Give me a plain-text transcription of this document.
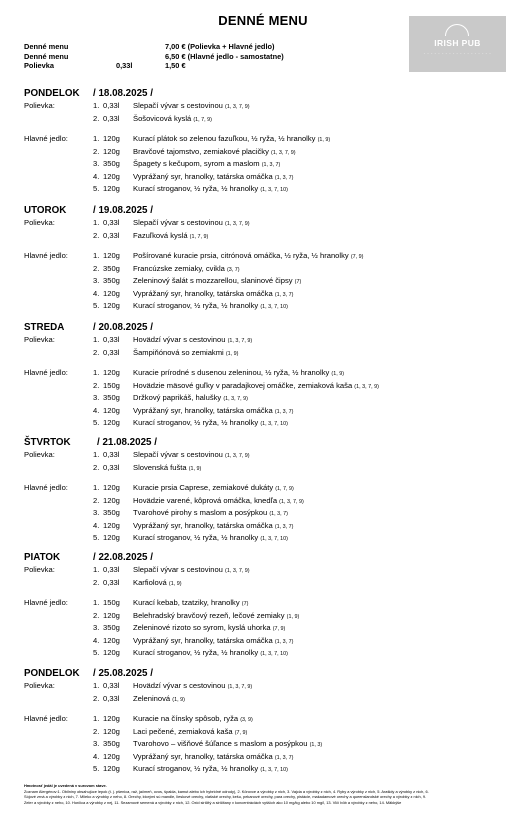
DENNÉ MENU
IRISH PUB
- - - - - - - - - - - - - - - - - - -
Denné menu	7,00 € (Polievka + Hlavné jedlo)
Denné menu	6,50 € (Hlavné jedlo - samostatne)
Polievka	0,33l	1,50 €
PONDELOK / 18.08.2025 /
Polievka:	1. 0,33l Slepačí vývar s cestovinou (1, 3, 7, 9)
2. 0,33l Šošovicová kyslá (1, 7, 9)
Hlavné jedlo:	1. 120g Kurací plátok so zelenou fazuľkou, ½ ryža, ½ hranolky (1, 9)
2. 120g Bravčové tajomstvo, zemiakové placičky (1, 3, 7, 9)
3. 350g Špagety s kečupom, syrom a maslom (1, 3, 7)
4. 120g Vyprážaný syr, hranolky, tatárska omáčka (1, 3, 7)
5. 120g Kurací stroganov, ½ ryža, ½ hranolky (1, 3, 7, 10)
UTOROK	/ 19.08.2025 /
Polievka:	1. 0,33l Slepačí vývar s cestovinou (1, 3, 7, 9)
2. 0,33l Fazuľková kyslá (1, 7, 9)
Hlavné jedlo:	1. 120g Pošírované kuracie prsia, citrónová omáčka, ½ ryža, ½ hranolky (7, 9)
2. 350g Francúzske zemiaky, cvikla (3, 7)
3. 350g Zeleninový šalát s mozzarellou, slaninové čipsy (7)
4. 120g Vyprážaný syr, hranolky, tatárska omáčka (1, 3, 7)
5. 120g Kurací stroganov, ½ ryža, ½ hranolky (1, 3, 7, 10)
STREDA	/ 20.08.2025 /
Polievka:	1. 0,33l Hovädzí vývar s cestovinou (1, 3, 7, 9)
2. 0,33l Šampiňónová so zemiakmi (1, 9)
Hlavné jedlo:	1. 120g Kuracie prírodné s dusenou zeleninou, ½ ryža, ½ hranolky (1, 9)
2. 150g Hovädzie mäsové guľky v paradajkovej omáčke, zemiaková kaša (1, 3, 7, 9)
3. 350g Držkový paprikáš, halušky (1, 3, 7, 9)
4. 120g Vyprážaný syr, hranolky, tatárska omáčka (1, 3, 7)
5. 120g Kurací stroganov, ½ ryža, ½ hranolky (1, 3, 7, 10)
ŠTVRTOK	/ 21.08.2025 /
Polievka:	1. 0,33l Slepačí vývar s cestovinou (1, 3, 7, 9)
2. 0,33l Slovenská fušta (1, 9)
Hlavné jedlo:	1. 120g Kuracie prsia Caprese, zemiakové dukáty (1, 7, 9)
2. 120g Hovädzie varené, kôprová omáčka, knedľa (1, 3, 7, 9)
3. 350g Tvarohové pirohy s maslom a posýpkou (1, 3, 7)
4. 120g Vyprážaný syr, hranolky, tatárska omáčka (1, 3, 7)
5. 120g Kurací stroganov, ½ ryža, ½ hranolky (1, 3, 7, 10)
PIATOK	/ 22.08.2025 /
Polievka:	1. 0,33l Slepačí vývar s cestovinou (1, 3, 7, 9)
2. 0,33l Karfiolová (1, 9)
Hlavné jedlo:	1. 150g Kurací kebab, tzatziky, hranolky (7)
2. 120g Belehradský bravčový rezeň, lečové zemiaky (1, 9)
3. 350g Zeleninové rizoto so syrom, kyslá uhorka (7, 9)
4. 120g Vyprážaný syr, hranolky, tatárska omáčka (1, 3, 7)
5. 120g Kurací stroganov, ½ ryža, ½ hranolky (1, 3, 7, 10)
PONDELOK / 25.08.2025 /
Polievka:	1. 0,33l Hovädzí vývar s cestovinou (1, 3, 7, 9)
2. 0,33l Zeleninová (1, 9)
Hlavné jedlo:	1. 120g Kuracie na čínsky spôsob, ryža (3, 9)
2. 120g Laci pečené, zemiaková kaša (7, 9)
3. 350g Tvarohovo – višňové šúľance s maslom a posýpkou (1, 3)
4. 120g Vyprážaný syr, hranolky, tatárska omáčka (1, 3, 7)
5. 120g Kurací stroganov, ½ ryža, ½ hranolky (1, 3, 7, 10)
Hmotnosť jedál je uvedená v surovom stave.
Zoznam Alergénov:1. Obilniny obsahujúce lepok (t. j. pšenica, raž, jačmeň, ovos, špalda, kamut alebo ich hybridné odrody), 2. Kôrovce a výrobky z nich, 3. Vajcia a výrobky z nich, 4. Ryby a výrobky z nich, 5. Arašidy a výrobky z nich, 6.
Sójové zrná a výrobky z nich, 7. Mlieko a výrobky z neho, 8. Orechy, ktorými sú mandle, lieskové orechy, vlašské orechy, kešu, pekanové orechy, para orechy, pistácie, makadamové orechy a queenslandské orechy a výrobky z nich, 9.
Zeler a výrobky z neho, 10. Horčica a výrobky z nej, 11. Sezamové semená a výrobky z nich, 12. Oxid siričitý a siričitany v koncentráciách vyšších ako 10 mg/kg alebo 10 mg/l, 13. Vlčí bôb a výrobky z neho, 14. Mäkkýše
